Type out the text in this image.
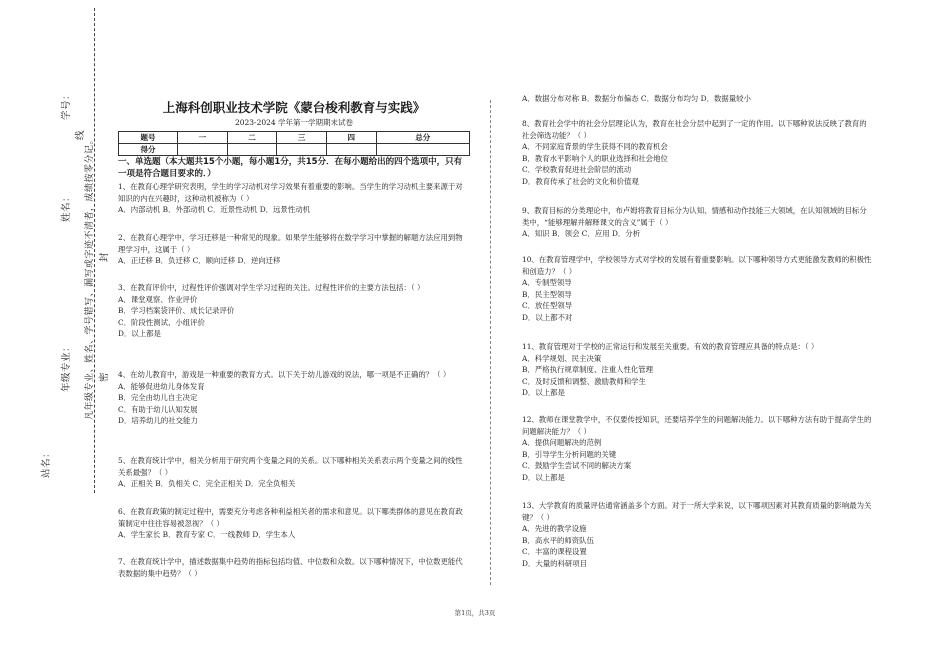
学号：
线 凡年级专业、姓名、学号错写、漏写或字迹不清者，成绩按零分记。
姓名：
封
年级专业：	密
站名：
上海科创职业技术学院《蒙台梭利教育与实践》
2023-2024 学年第一学期期末试卷
题号	一	二	三	四	总分
得分					
一、单选题（本大题共15个小题，每小题1分，共15分．在每小题给出的四个选项中，只有一项是符合题目要求的．）

1、在教育心理学研究表明，学生的学习动机对学习效果有着重要的影响。当学生的学习动机主要来源于对知识的内在兴趣时，这种动机被称为（ ）

A．内部动机 B．外部动机 C．近景性动机 D．远景性动机

2、在教育心理学中，学习迁移是一种常见的现象。如果学生能够将在数学学习中掌握的解题方法应用到物理学习中，这属于（ ）

A．正迁移 B．负迁移 C．顺向迁移 D．逆向迁移

3、在教育评价中，过程性评价强调对学生学习过程的关注。过程性评价的主要方法包括：（ ）

A．课堂观察、作业评价

B．学习档案袋评价、成长记录评价

C．阶段性测试、小组评价

D．以上都是

4、在幼儿教育中，游戏是一种重要的教育方式。以下关于幼儿游戏的说法，哪一项是不正确的？（ ）

A．能够促进幼儿身体发育

B．完全由幼儿自主决定

C．有助于幼儿认知发展

D．培养幼儿的社交能力

5、在教育统计学中，相关分析用于研究两个变量之间的关系。以下哪种相关关系表示两个变量之间的线性关系最强？（ ）

A．正相关 B．负相关 C．完全正相关 D．完全负相关

6、在教育政策的制定过程中，需要充分考虑各种利益相关者的需求和意见。以下哪类群体的意见在教育政策制定中往往容易被忽视？（ ）

A．学生家长 B．教育专家 C．一线教师 D．学生本人

7、在教育统计学中，描述数据集中趋势的指标包括均值、中位数和众数。以下哪种情况下，中位数更能代表数据的集中趋势？（ ）

A．数据分布对称 B．数据分布偏态 C．数据分布均匀 D．数据量较小

8、教育社会学中的社会分层理论认为，教育在社会分层中起到了一定的作用。以下哪种说法反映了教育的社会筛选功能？（ ）

A．不同家庭背景的学生获得不同的教育机会

B．教育水平影响个人的职业选择和社会地位

C．学校教育促进社会阶层的流动

D．教育传承了社会的文化和价值观

9、教育目标的分类理论中，布卢姆将教育目标分为认知、情感和动作技能三大领域，在认知领域的目标分类中，“能够理解并解释课文的含义”属于（ ）

A．知识 B．领会 C．应用 D．分析

10、在教育管理学中，学校领导方式对学校的发展有着重要影响。以下哪种领导方式更能激发教师的积极性和创造力？（ ）

A．专制型领导

B．民主型领导

C．放任型领导

D．以上都不对

11、教育管理对于学校的正常运行和发展至关重要。有效的教育管理应具备的特点是：（ ）

A．科学规划、民主决策

B．严格执行规章制度、注重人性化管理

C．及时反馈和调整、激励教师和学生

D．以上都是

12、教师在课堂教学中，不仅要传授知识，还要培养学生的问题解决能力。以下哪种方法有助于提高学生的问题解决能力？（ ）

A．提供问题解决的范例

B．引导学生分析问题的关键

C．鼓励学生尝试不同的解决方案

D．以上都是

13、大学教育的质量评估通常涵盖多个方面。对于一所大学来说，以下哪项因素对其教育质量的影响最为关键？（ ）

A．先进的教学设施

B．高水平的师资队伍

C．丰富的课程设置

D．大量的科研项目

第1页，共3页
